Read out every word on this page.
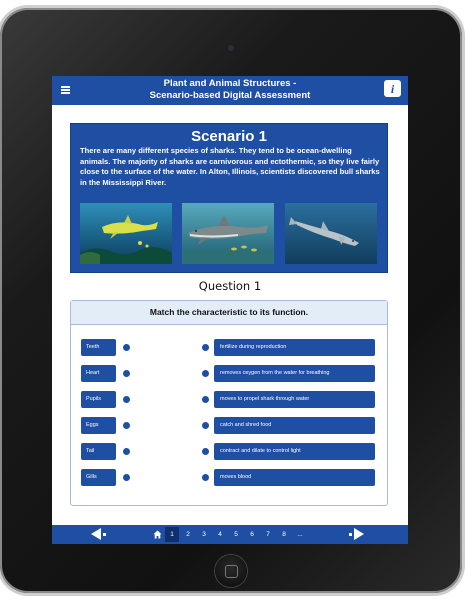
Plant and Animal Structures -
Scenario-based Digital Assessment	i
Scenario 1
There are many different species of sharks. They tend to be ocean-dwelling animals. The majority of sharks are carnivorous and ectothermic, so they live fairly close to the surface of the water. In Alton, Illinois, scientists discovered bull sharks in the Mississippi River.
Question 1
Match the characteristic to its function.
Teeth	fertilize during reproduction
Heart	removes oxygen from the water for breathing
Pupils	moves to propel shark through water
Eggs	catch and shred food
Tail	contract and dilate to control light
Gills	moves blood
1	2	3	4	5	6	7	8	...
